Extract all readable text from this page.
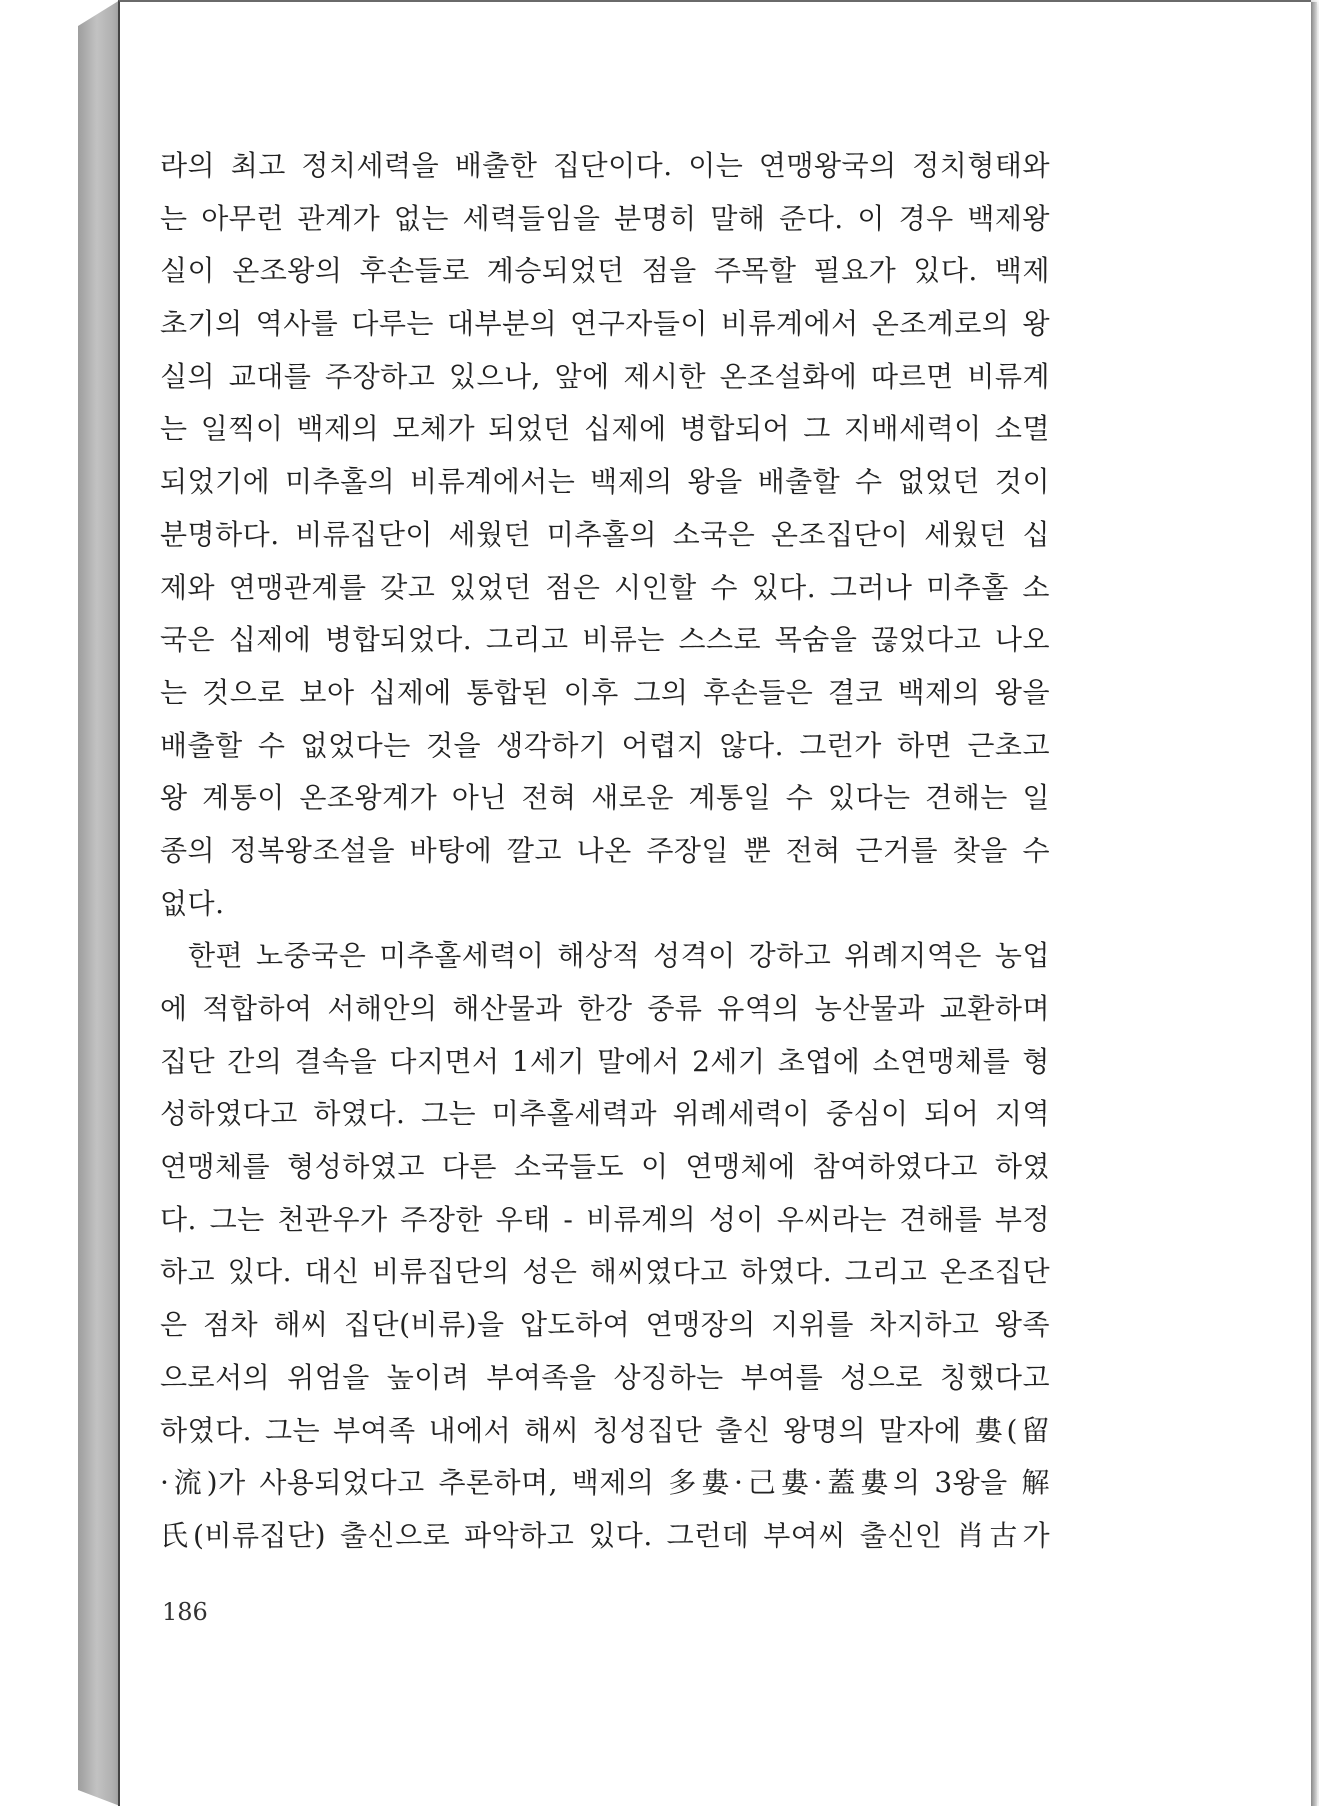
라의 최고 정치세력을 배출한 집단이다. 이는 연맹왕국의 정치형태와
는 아무런 관계가 없는 세력들임을 분명히 말해 준다. 이 경우 백제왕
실이 온조왕의 후손들로 계승되었던 점을 주목할 필요가 있다. 백제
초기의 역사를 다루는 대부분의 연구자들이 비류계에서 온조계로의 왕
실의 교대를 주장하고 있으나, 앞에 제시한 온조설화에 따르면 비류계
는 일찍이 백제의 모체가 되었던 십제에 병합되어 그 지배세력이 소멸
되었기에 미추홀의 비류계에서는 백제의 왕을 배출할 수 없었던 것이
분명하다. 비류집단이 세웠던 미추홀의 소국은 온조집단이 세웠던 십
제와 연맹관계를 갖고 있었던 점은 시인할 수 있다. 그러나 미추홀 소
국은 십제에 병합되었다. 그리고 비류는 스스로 목숨을 끊었다고 나오
는 것으로 보아 십제에 통합된 이후 그의 후손들은 결코 백제의 왕을
배출할 수 없었다는 것을 생각하기 어렵지 않다. 그런가 하면 근초고
왕 계통이 온조왕계가 아닌 전혀 새로운 계통일 수 있다는 견해는 일
종의 정복왕조설을 바탕에 깔고 나온 주장일 뿐 전혀 근거를 찾을 수
없다.
한편 노중국은 미추홀세력이 해상적 성격이 강하고 위례지역은 농업
에 적합하여 서해안의 해산물과 한강 중류 유역의 농산물과 교환하며
집단 간의 결속을 다지면서 1세기 말에서 2세기 초엽에 소연맹체를 형
성하였다고 하였다. 그는 미추홀세력과 위례세력이 중심이 되어 지역
연맹체를 형성하였고 다른 소국들도 이 연맹체에 참여하였다고 하였
다. 그는 천관우가 주장한 우태 - 비류계의 성이 우씨라는 견해를 부정
하고 있다. 대신 비류집단의 성은 해씨였다고 하였다. 그리고 온조집단
은 점차 해씨 집단(비류)을 압도하여 연맹장의 지위를 차지하고 왕족
으로서의 위엄을 높이려 부여족을 상징하는 부여를 성으로 칭했다고
하였다. 그는 부여족 내에서 해씨 칭성집단 출신 왕명의 말자에 婁(留
·流)가 사용되었다고 추론하며, 백제의 多婁·己婁·蓋婁의 3왕을 解
氏(비류집단) 출신으로 파악하고 있다. 그런데 부여씨 출신인 肖古가
186
